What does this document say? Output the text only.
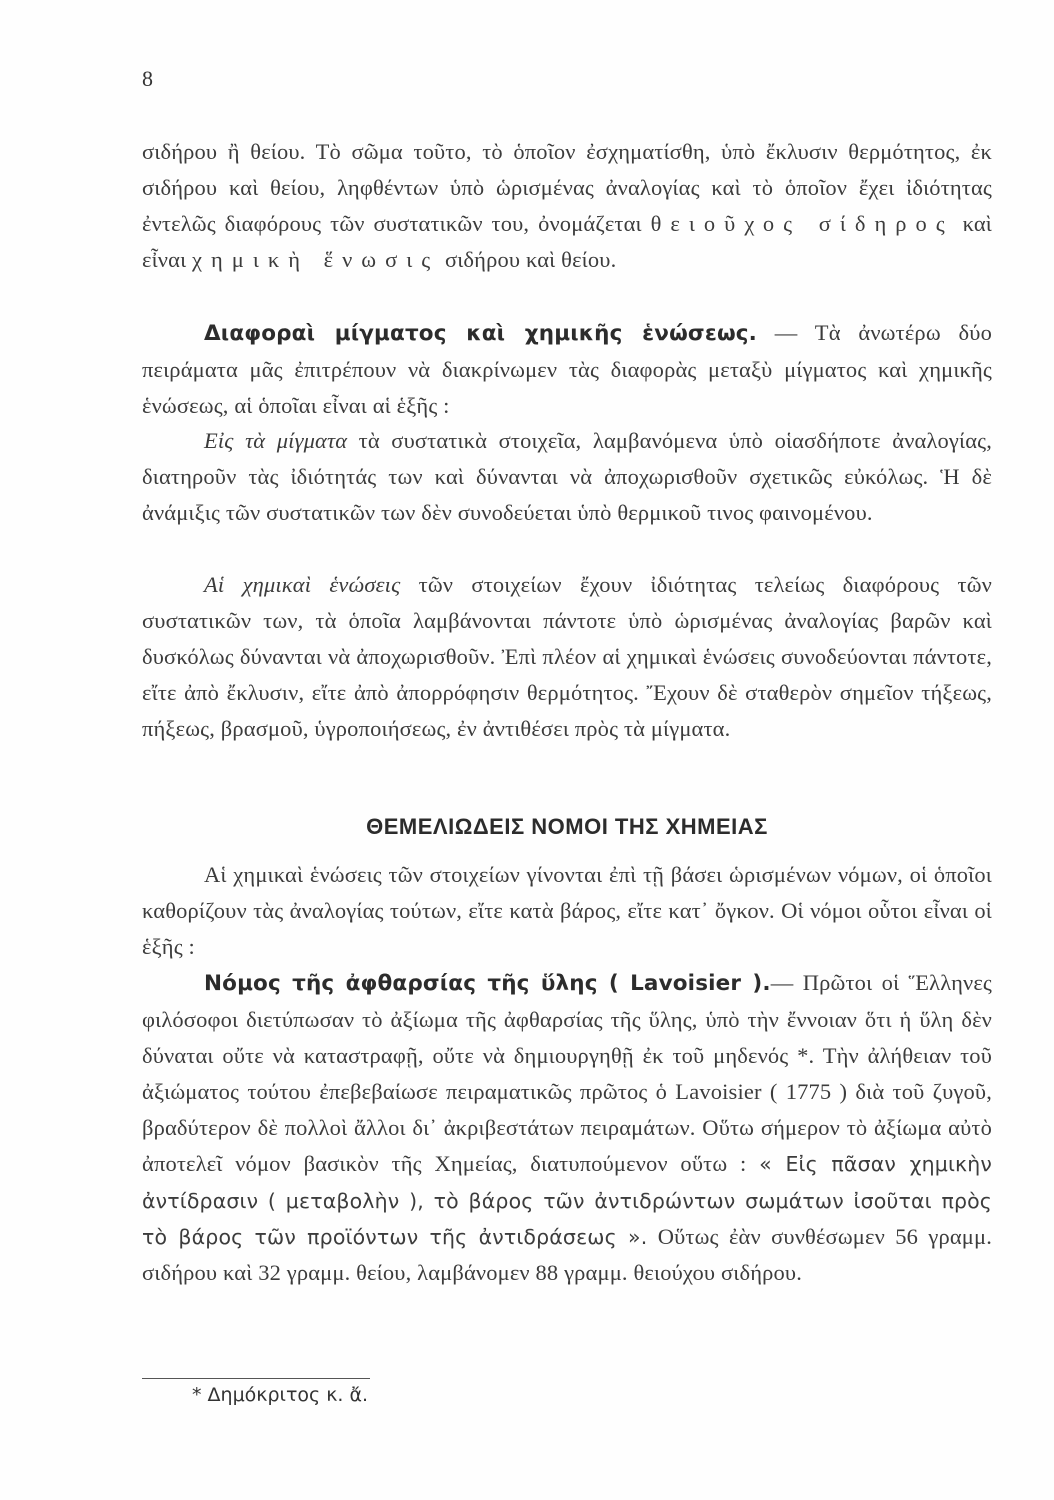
8

σιδήρου ἢ θείου. Τὸ σῶμα τοῦτο, τὸ ὁποῖον ἐσχηματίσθη, ὑπὸ ἔκλυσιν θερμότητος, ἐκ σιδήρου καὶ θείου, ληφθέντων ὑπὸ ὡρισμένας ἀναλογίας καὶ τὸ ὁποῖον ἔχει ἰδιότητας ἐντελῶς διαφόρους τῶν συστατικῶν του, ὀνομάζεται θειοῦχος σίδηρος καὶ εἶναι χημικὴ ἕνωσις σιδήρου καὶ θείου.

Διαφοραὶ μίγματος καὶ χημικῆς ἑνώσεως. — Τὰ ἀνωτέρω δύο πειράματα μᾶς ἐπιτρέπουν νὰ διακρίνωμεν τὰς διαφορὰς μεταξὺ μίγματος καὶ χημικῆς ἑνώσεως, αἱ ὁποῖαι εἶναι αἱ ἑξῆς :

Εἰς τὰ μίγματα τὰ συστατικὰ στοιχεῖα, λαμβανόμενα ὑπὸ οἱασδήποτε ἀναλογίας, διατηροῦν τὰς ἰδιότητάς των καὶ δύνανται νὰ ἀποχωρισθοῦν σχετικῶς εὐκόλως. Ἡ δὲ ἀνάμιξις τῶν συστατικῶν των δὲν συνοδεύεται ὑπὸ θερμικοῦ τινος φαινομένου.

Αἱ χημικαὶ ἑνώσεις τῶν στοιχείων ἔχουν ἰδιότητας τελείως διαφόρους τῶν συστατικῶν των, τὰ ὁποῖα λαμβάνονται πάντοτε ὑπὸ ὡρισμένας ἀναλογίας βαρῶν καὶ δυσκόλως δύνανται νὰ ἀποχωρισθοῦν. Ἐπὶ πλέον αἱ χημικαὶ ἑνώσεις συνοδεύονται πάντοτε, εἴτε ἀπὸ ἔκλυσιν, εἴτε ἀπὸ ἀπορρόφησιν θερμότητος. Ἔχουν δὲ σταθερὸν σημεῖον τήξεως, πήξεως, βρασμοῦ, ὑγροποιήσεως, ἐν ἀντιθέσει πρὸς τὰ μίγματα.

ΘΕΜΕΛΙΩΔΕΙΣ ΝΟΜΟΙ ΤΗΣ ΧΗΜΕΙΑΣ

Αἱ χημικαὶ ἑνώσεις τῶν στοιχείων γίνονται ἐπὶ τῇ βάσει ὡρισμένων νόμων, οἱ ὁποῖοι καθορίζουν τὰς ἀναλογίας τούτων, εἴτε κατὰ βάρος, εἴτε κατ᾿ ὄγκον. Οἱ νόμοι οὗτοι εἶναι οἱ ἑξῆς :

Νόμος τῆς ἀφθαρσίας τῆς ὕλης ( Lavoisier ).— Πρῶτοι οἱ Ἕλληνες φιλόσοφοι διετύπωσαν τὸ ἀξίωμα τῆς ἀφθαρσίας τῆς ὕλης, ὑπὸ τὴν ἔννοιαν ὅτι ἡ ὕλη δὲν δύναται οὔτε νὰ καταστραφῇ, οὔτε νὰ δημιουργηθῇ ἐκ τοῦ μηδενός *. Τὴν ἀλήθειαν τοῦ ἀξιώματος τούτου ἐπεβεβαίωσε πειραματικῶς πρῶτος ὁ Lavoisier ( 1775 ) διὰ τοῦ ζυγοῦ, βραδύτερον δὲ πολλοὶ ἄλλοι δι᾿ ἀκριβεστάτων πειραμάτων. Οὕτω σήμερον τὸ ἀξίωμα αὐτὸ ἀποτελεῖ νόμον βασικὸν τῆς Χημείας, διατυπούμενον οὕτω : « Εἰς πᾶσαν χημικὴν ἀντίδρασιν ( μεταβολὴν ), τὸ βάρος τῶν ἀντιδρώντων σωμάτων ἰσοῦται πρὸς τὸ βάρος τῶν προϊόντων τῆς ἀντιδράσεως ». Οὕτως ἐὰν συνθέσωμεν 56 γραμμ. σιδήρου καὶ 32 γραμμ. θείου, λαμβάνομεν 88 γραμμ. θειούχου σιδήρου.

* Δημόκριτος κ. ἄ.
